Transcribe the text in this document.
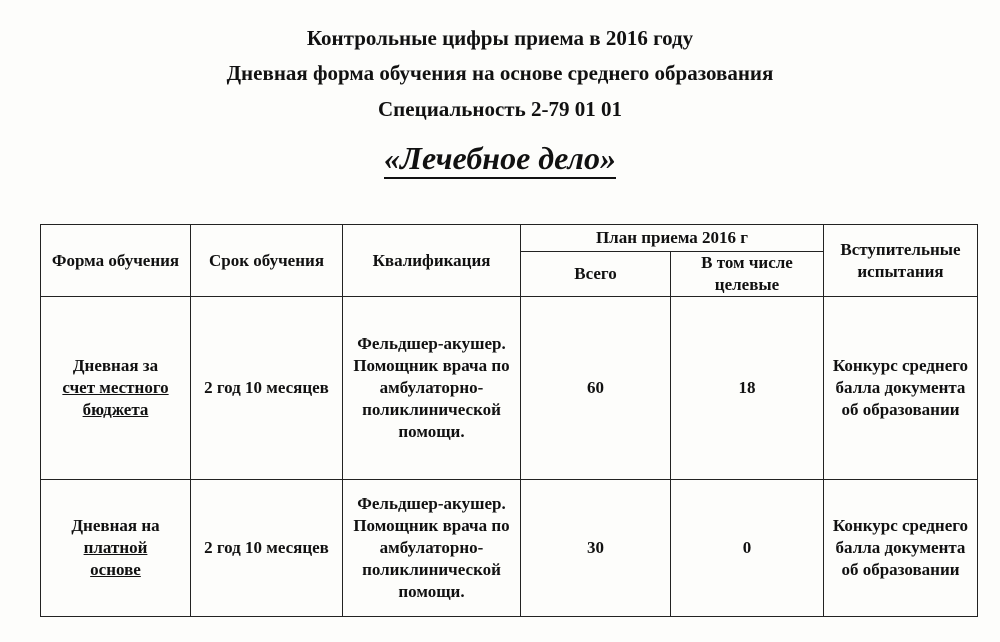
Контрольные цифры приема в 2016 году
Дневная форма обучения на основе среднего образования
Специальность 2-79 01 01
«Лечебное дело»
Форма обучения	Срок обучения	Квалификация	План приема 2016 г		Вступительные испытания
			Всего	В том числе целевые	

Дневная за
счет местного
бюджета	2 год 10 месяцев	Фельдшер-акушер. Помощник врача по амбулаторно-поликлинической помощи.	60	18	Конкурс среднего балла документа об образовании

Дневная на
платной
основе	2 год 10 месяцев	Фельдшер-акушер. Помощник врача по амбулаторно-поликлинической помощи.	30	0	Конкурс среднего балла документа об образовании
